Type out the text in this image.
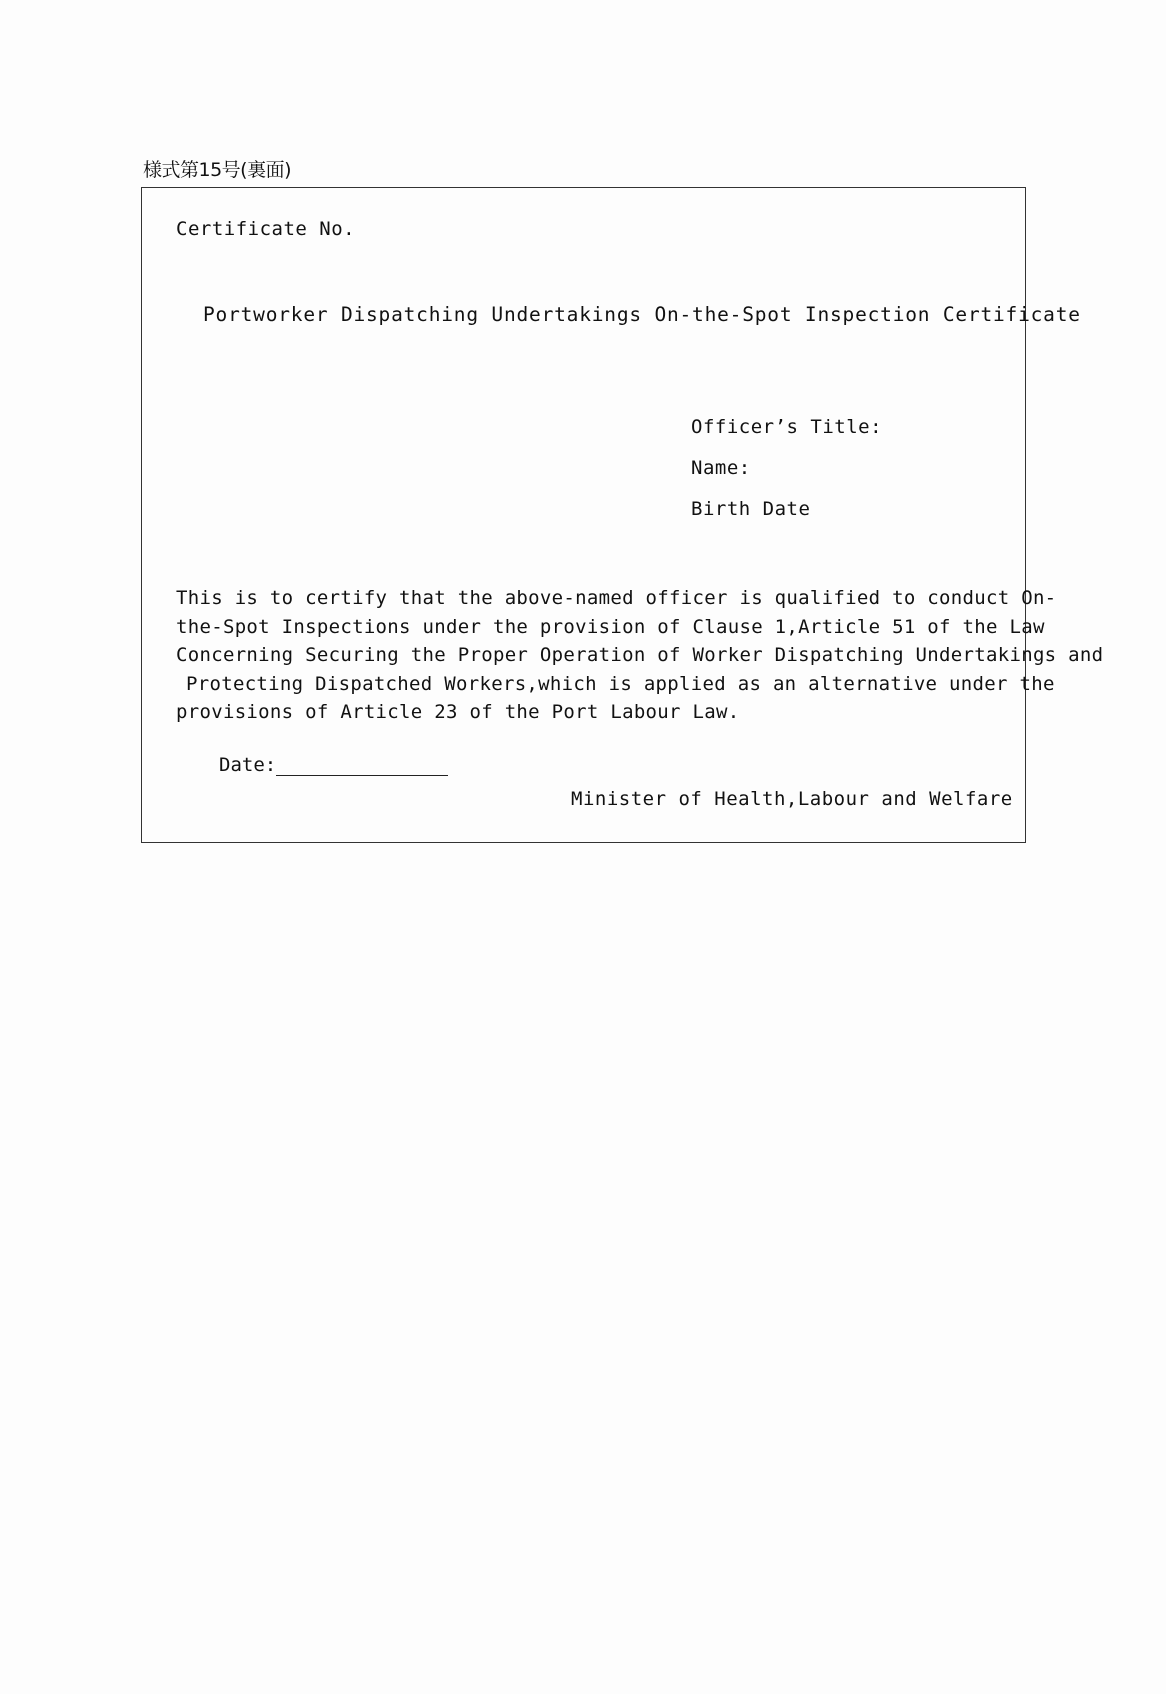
様式第15号(裏面)
Certificate No.
Portworker Dispatching Undertakings On-the-Spot Inspection Certificate
Officer’s Title:
Name:
Birth Date
This is to certify that the above-named officer is qualified to conduct On-
the-Spot Inspections under the provision of Clause 1,Article 51 of the Law
Concerning Securing the Proper Operation of Worker Dispatching Undertakings and
Protecting Dispatched Workers,which is applied as an alternative under the
provisions of Article 23 of the Port Labour Law.
Date:
Minister of Health,Labour and Welfare
